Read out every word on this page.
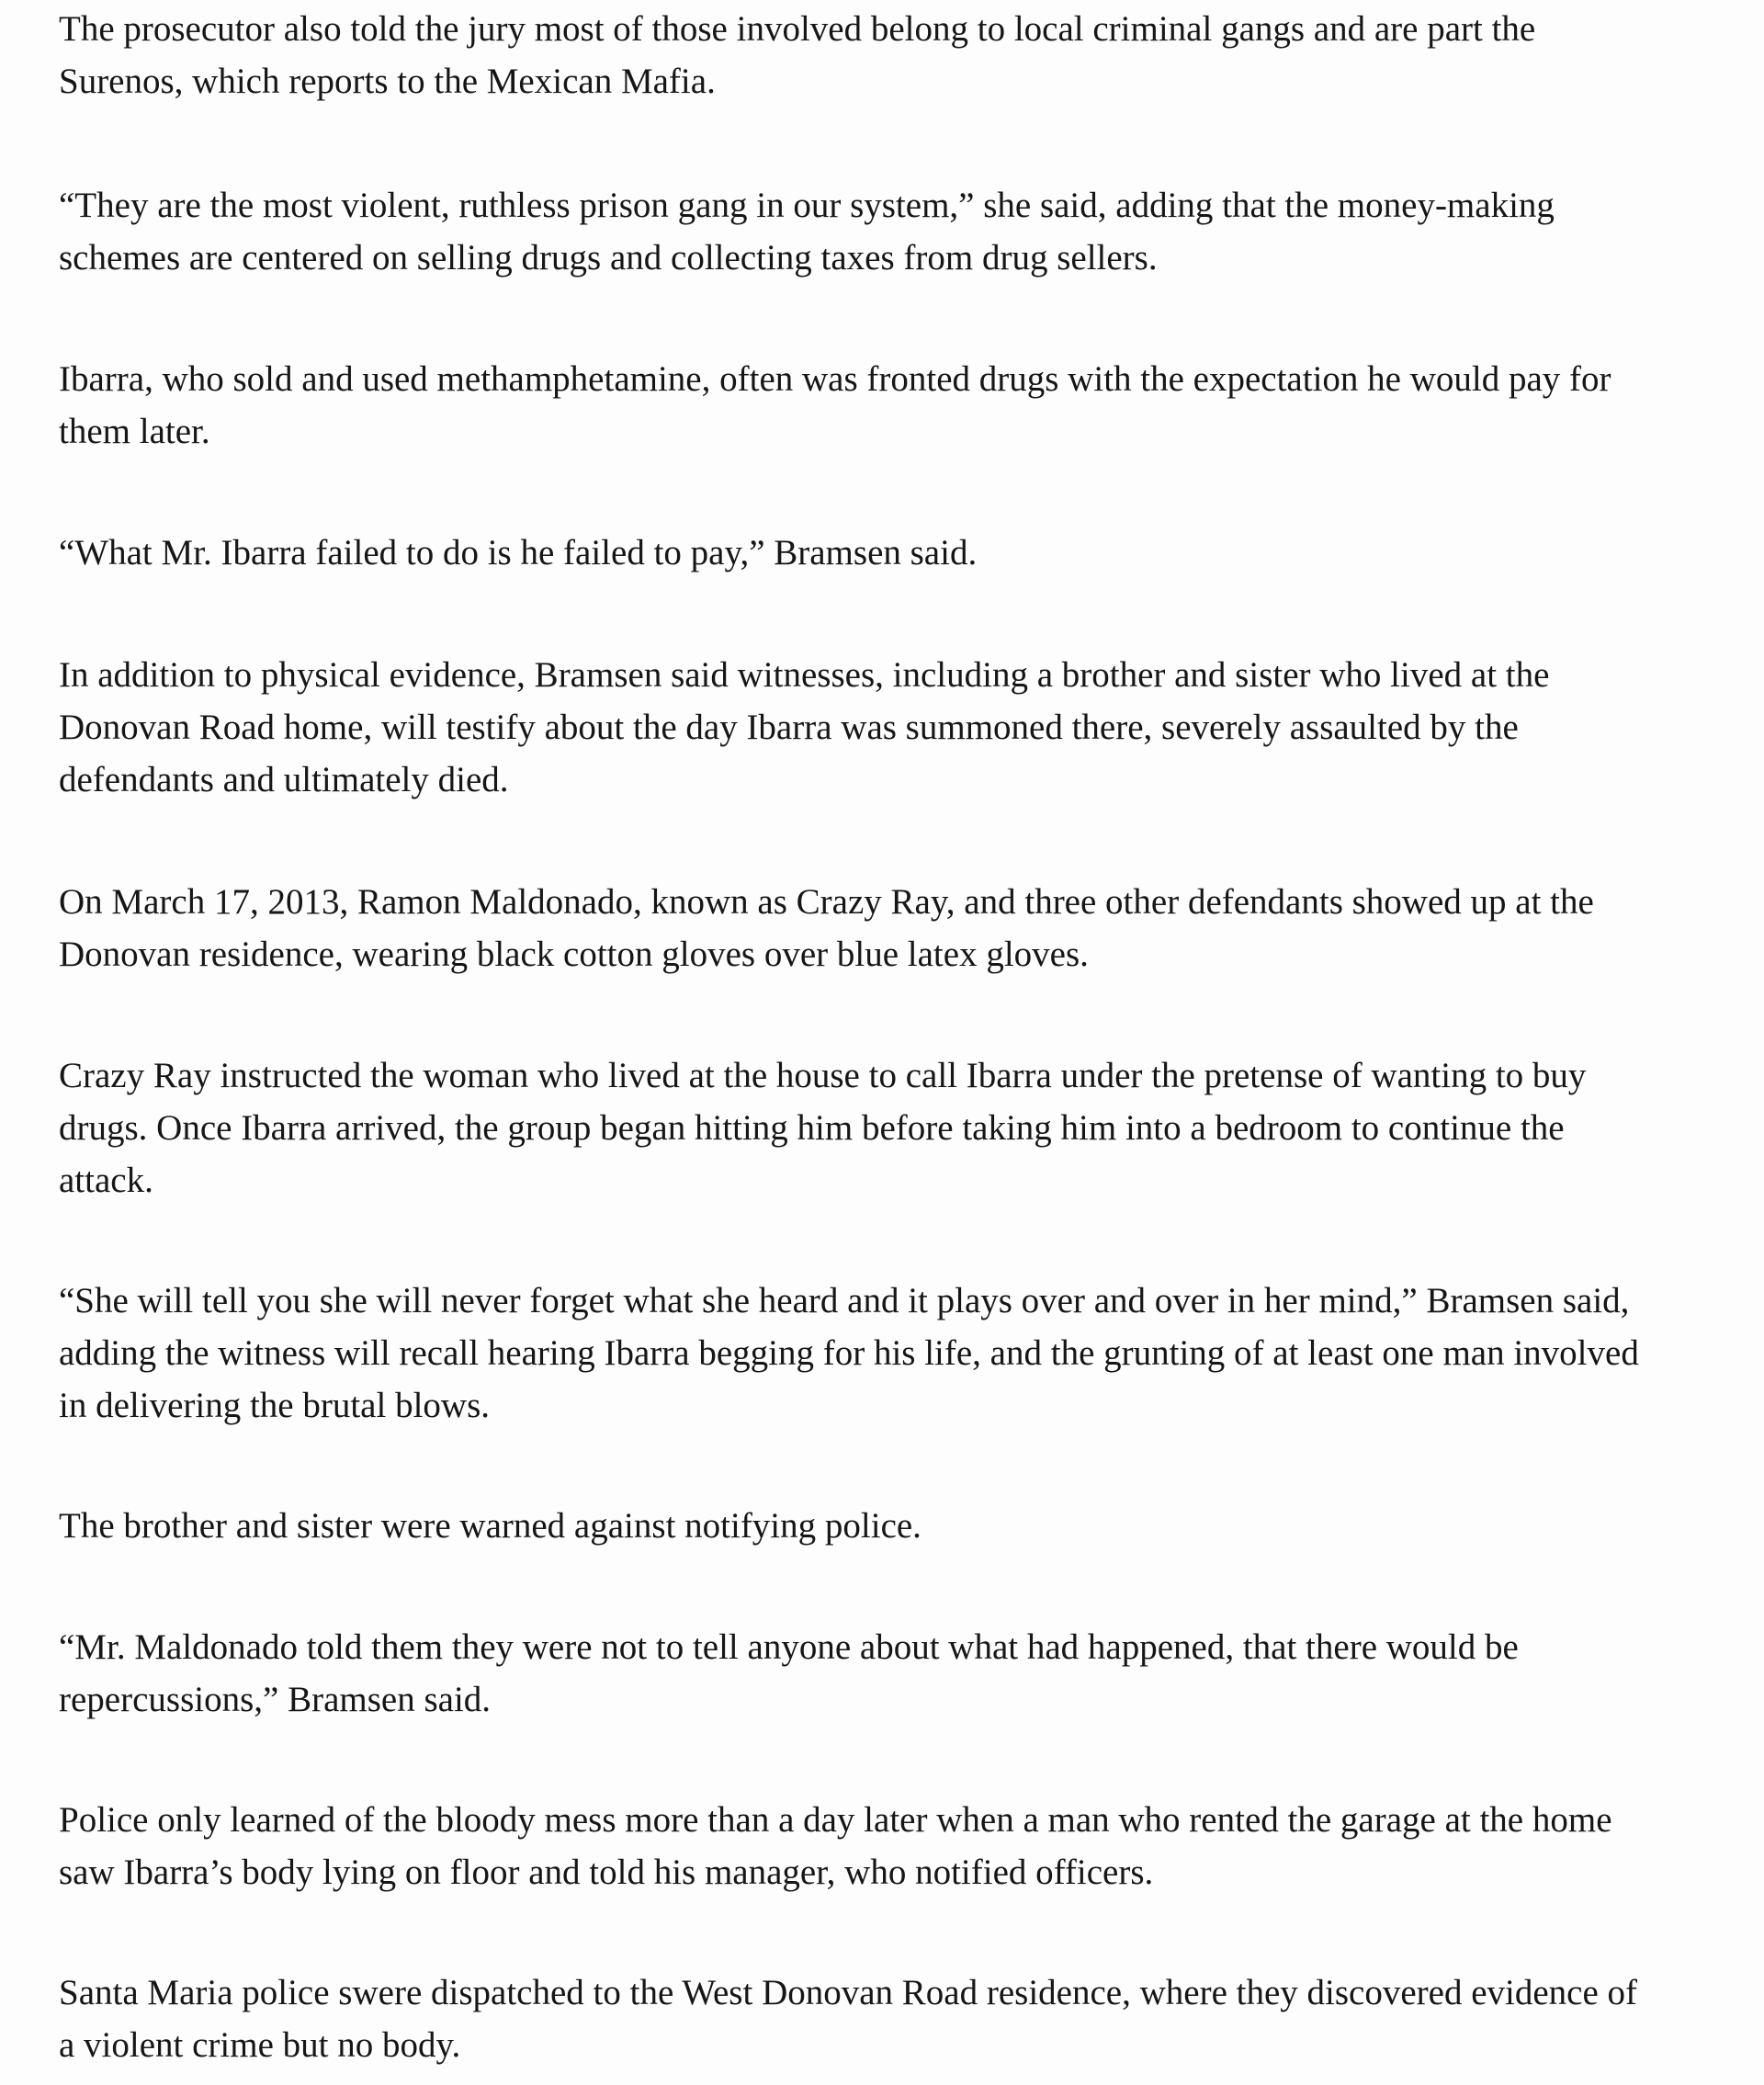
The prosecutor also told the jury most of those involved belong to local criminal gangs and are part the
Surenos, which reports to the Mexican Mafia.

“They are the most violent, ruthless prison gang in our system,” she said, adding that the money-making
schemes are centered on selling drugs and collecting taxes from drug sellers.

Ibarra, who sold and used methamphetamine, often was fronted drugs with the expectation he would pay for
them later.

“What Mr. Ibarra failed to do is he failed to pay,” Bramsen said.

In addition to physical evidence, Bramsen said witnesses, including a brother and sister who lived at the
Donovan Road home, will testify about the day Ibarra was summoned there, severely assaulted by the
defendants and ultimately died.

On March 17, 2013, Ramon Maldonado, known as Crazy Ray, and three other defendants showed up at the
Donovan residence, wearing black cotton gloves over blue latex gloves.

Crazy Ray instructed the woman who lived at the house to call Ibarra under the pretense of wanting to buy
drugs. Once Ibarra arrived, the group began hitting him before taking him into a bedroom to continue the
attack.

“She will tell you she will never forget what she heard and it plays over and over in her mind,” Bramsen said,
adding the witness will recall hearing Ibarra begging for his life, and the grunting of at least one man involved
in delivering the brutal blows.

The brother and sister were warned against notifying police.

“Mr. Maldonado told them they were not to tell anyone about what had happened, that there would be
repercussions,” Bramsen said.

Police only learned of the bloody mess more than a day later when a man who rented the garage at the home
saw Ibarra’s body lying on floor and told his manager, who notified officers.

Santa Maria police swere dispatched to the West Donovan Road residence, where they discovered evidence of
a violent crime but no body.
